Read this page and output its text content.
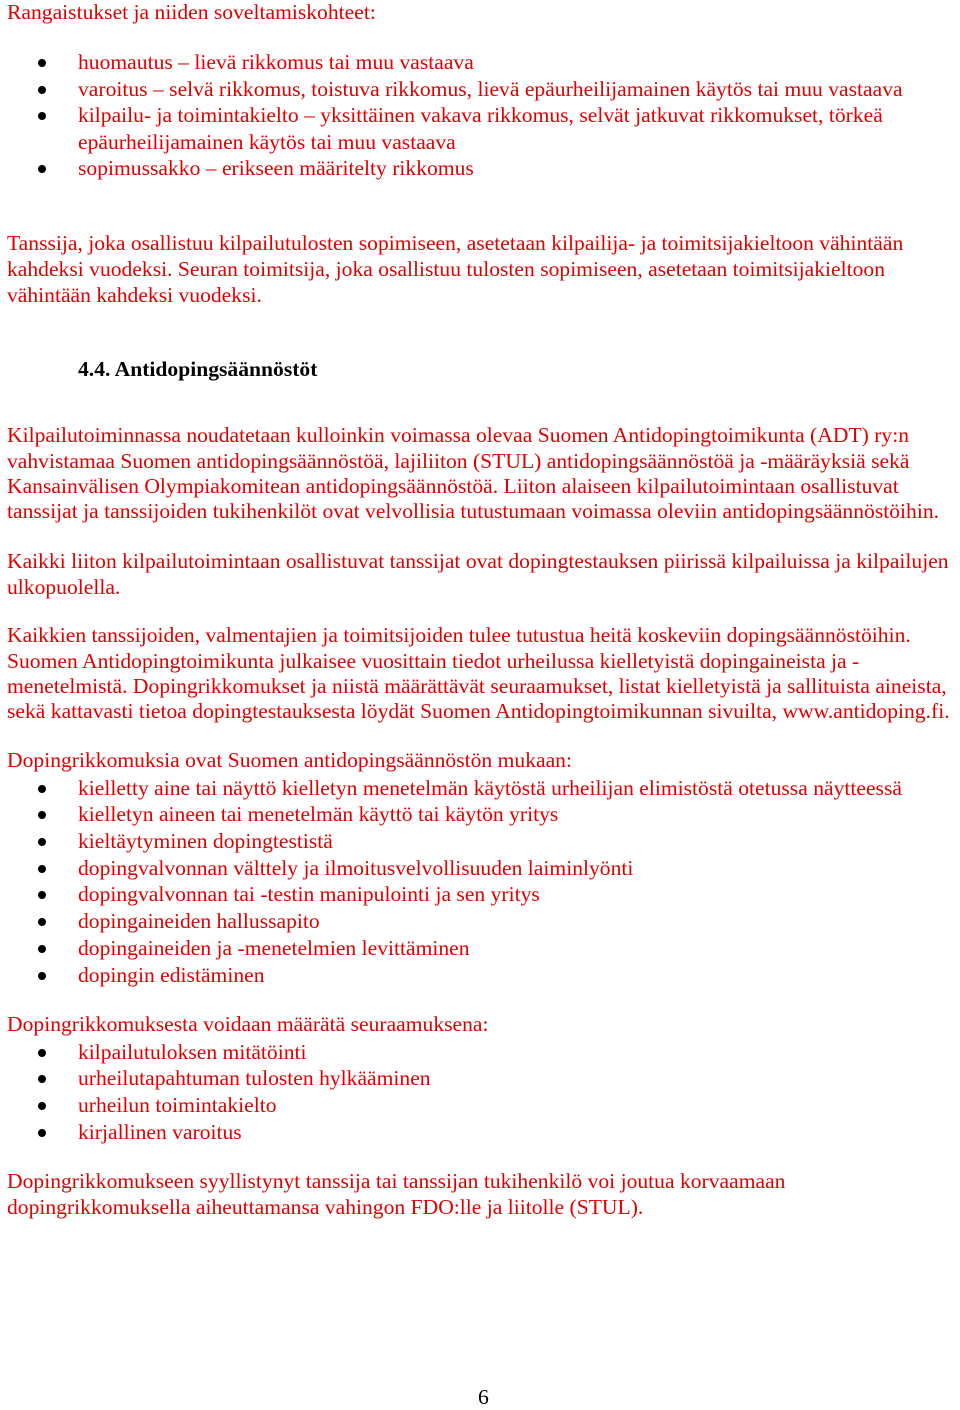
Rangaistukset ja niiden soveltamiskohteet:
huomautus – lievä rikkomus tai muu vastaava
varoitus – selvä rikkomus, toistuva rikkomus, lievä epäurheilijamainen käytös tai muu vastaava
kilpailu- ja toimintakielto – yksittäinen vakava rikkomus, selvät jatkuvat rikkomukset, törkeä
epäurheilijamainen käytös tai muu vastaava
sopimussakko – erikseen määritelty rikkomus
Tanssija, joka osallistuu kilpailutulosten sopimiseen, asetetaan kilpailija- ja toimitsijakieltoon vähintään
kahdeksi vuodeksi. Seuran toimitsija, joka osallistuu tulosten sopimiseen, asetetaan toimitsijakieltoon
vähintään kahdeksi vuodeksi.
4.4. Antidopingsäännöstöt
Kilpailutoiminnassa noudatetaan kulloinkin voimassa olevaa Suomen Antidopingtoimikunta (ADT) ry:n
vahvistamaa Suomen antidopingsäännöstöä, lajiliiton (STUL) antidopingsäännöstöä ja -määräyksiä sekä
Kansainvälisen Olympiakomitean antidopingsäännöstöä. Liiton alaiseen kilpailutoimintaan osallistuvat
tanssijat ja tanssijoiden tukihenkilöt ovat velvollisia tutustumaan voimassa oleviin antidopingsäännöstöihin.
Kaikki liiton kilpailutoimintaan osallistuvat tanssijat ovat dopingtestauksen piirissä kilpailuissa ja kilpailujen
ulkopuolella.
Kaikkien tanssijoiden, valmentajien ja toimitsijoiden tulee tutustua heitä koskeviin dopingsäännöstöihin.
Suomen Antidopingtoimikunta julkaisee vuosittain tiedot urheilussa kielletyistä dopingaineista ja -
menetelmistä. Dopingrikkomukset ja niistä määrättävät seuraamukset, listat kielletyistä ja sallituista aineista,
sekä kattavasti tietoa dopingtestauksesta löydät Suomen Antidopingtoimikunnan sivuilta, www.antidoping.fi.
Dopingrikkomuksia ovat Suomen antidopingsäännöstön mukaan:
kielletty aine tai näyttö kielletyn menetelmän käytöstä urheilijan elimistöstä otetussa näytteessä
kielletyn aineen tai menetelmän käyttö tai käytön yritys
kieltäytyminen dopingtestistä
dopingvalvonnan välttely ja ilmoitusvelvollisuuden laiminlyönti
dopingvalvonnan tai -testin manipulointi ja sen yritys
dopingaineiden hallussapito
dopingaineiden ja -menetelmien levittäminen
dopingin edistäminen
Dopingrikkomuksesta voidaan määrätä seuraamuksena:
kilpailutuloksen mitätöinti
urheilutapahtuman tulosten hylkääminen
urheilun toimintakielto
kirjallinen varoitus
Dopingrikkomukseen syyllistynyt tanssija tai tanssijan tukihenkilö voi joutua korvaamaan
dopingrikkomuksella aiheuttamansa vahingon FDO:lle ja liitolle (STUL).
6
